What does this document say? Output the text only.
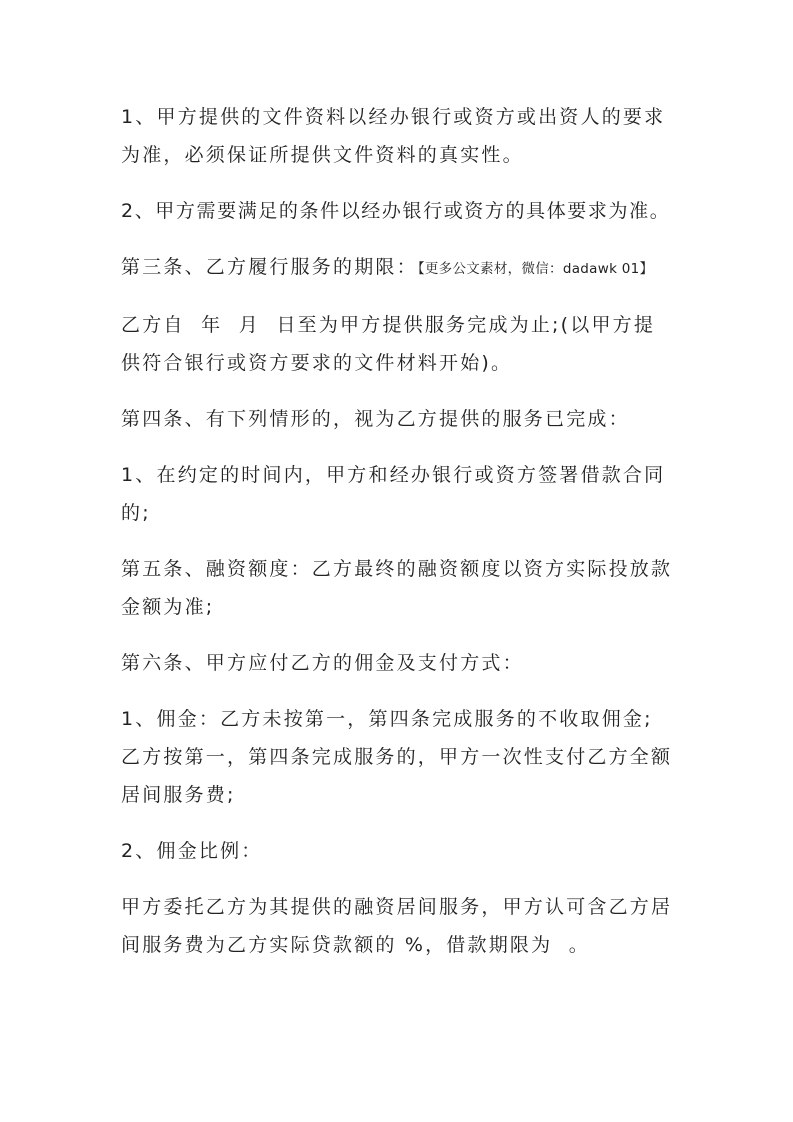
1、甲方提供的文件资料以经办银行或资方或出资人的要求为准，必须保证所提供文件资料的真实性。

2、甲方需要满足的条件以经办银行或资方的具体要求为准。

第三条、乙方履行服务的期限：【更多公文素材，微信：dadawk 01】

乙方自  年  月  日至为甲方提供服务完成为止;(以甲方提供符合银行或资方要求的文件材料开始)。

第四条、有下列情形的，视为乙方提供的服务已完成：

1、在约定的时间内，甲方和经办银行或资方签署借款合同的;

第五条、融资额度：乙方最终的融资额度以资方实际投放款金额为准;

第六条、甲方应付乙方的佣金及支付方式：

1、佣金：乙方未按第一，第四条完成服务的不收取佣金;乙方按第一，第四条完成服务的，甲方一次性支付乙方全额居间服务费;

2、佣金比例：

甲方委托乙方为其提供的融资居间服务，甲方认可含乙方居间服务费为乙方实际贷款额的 %，借款期限为  。
